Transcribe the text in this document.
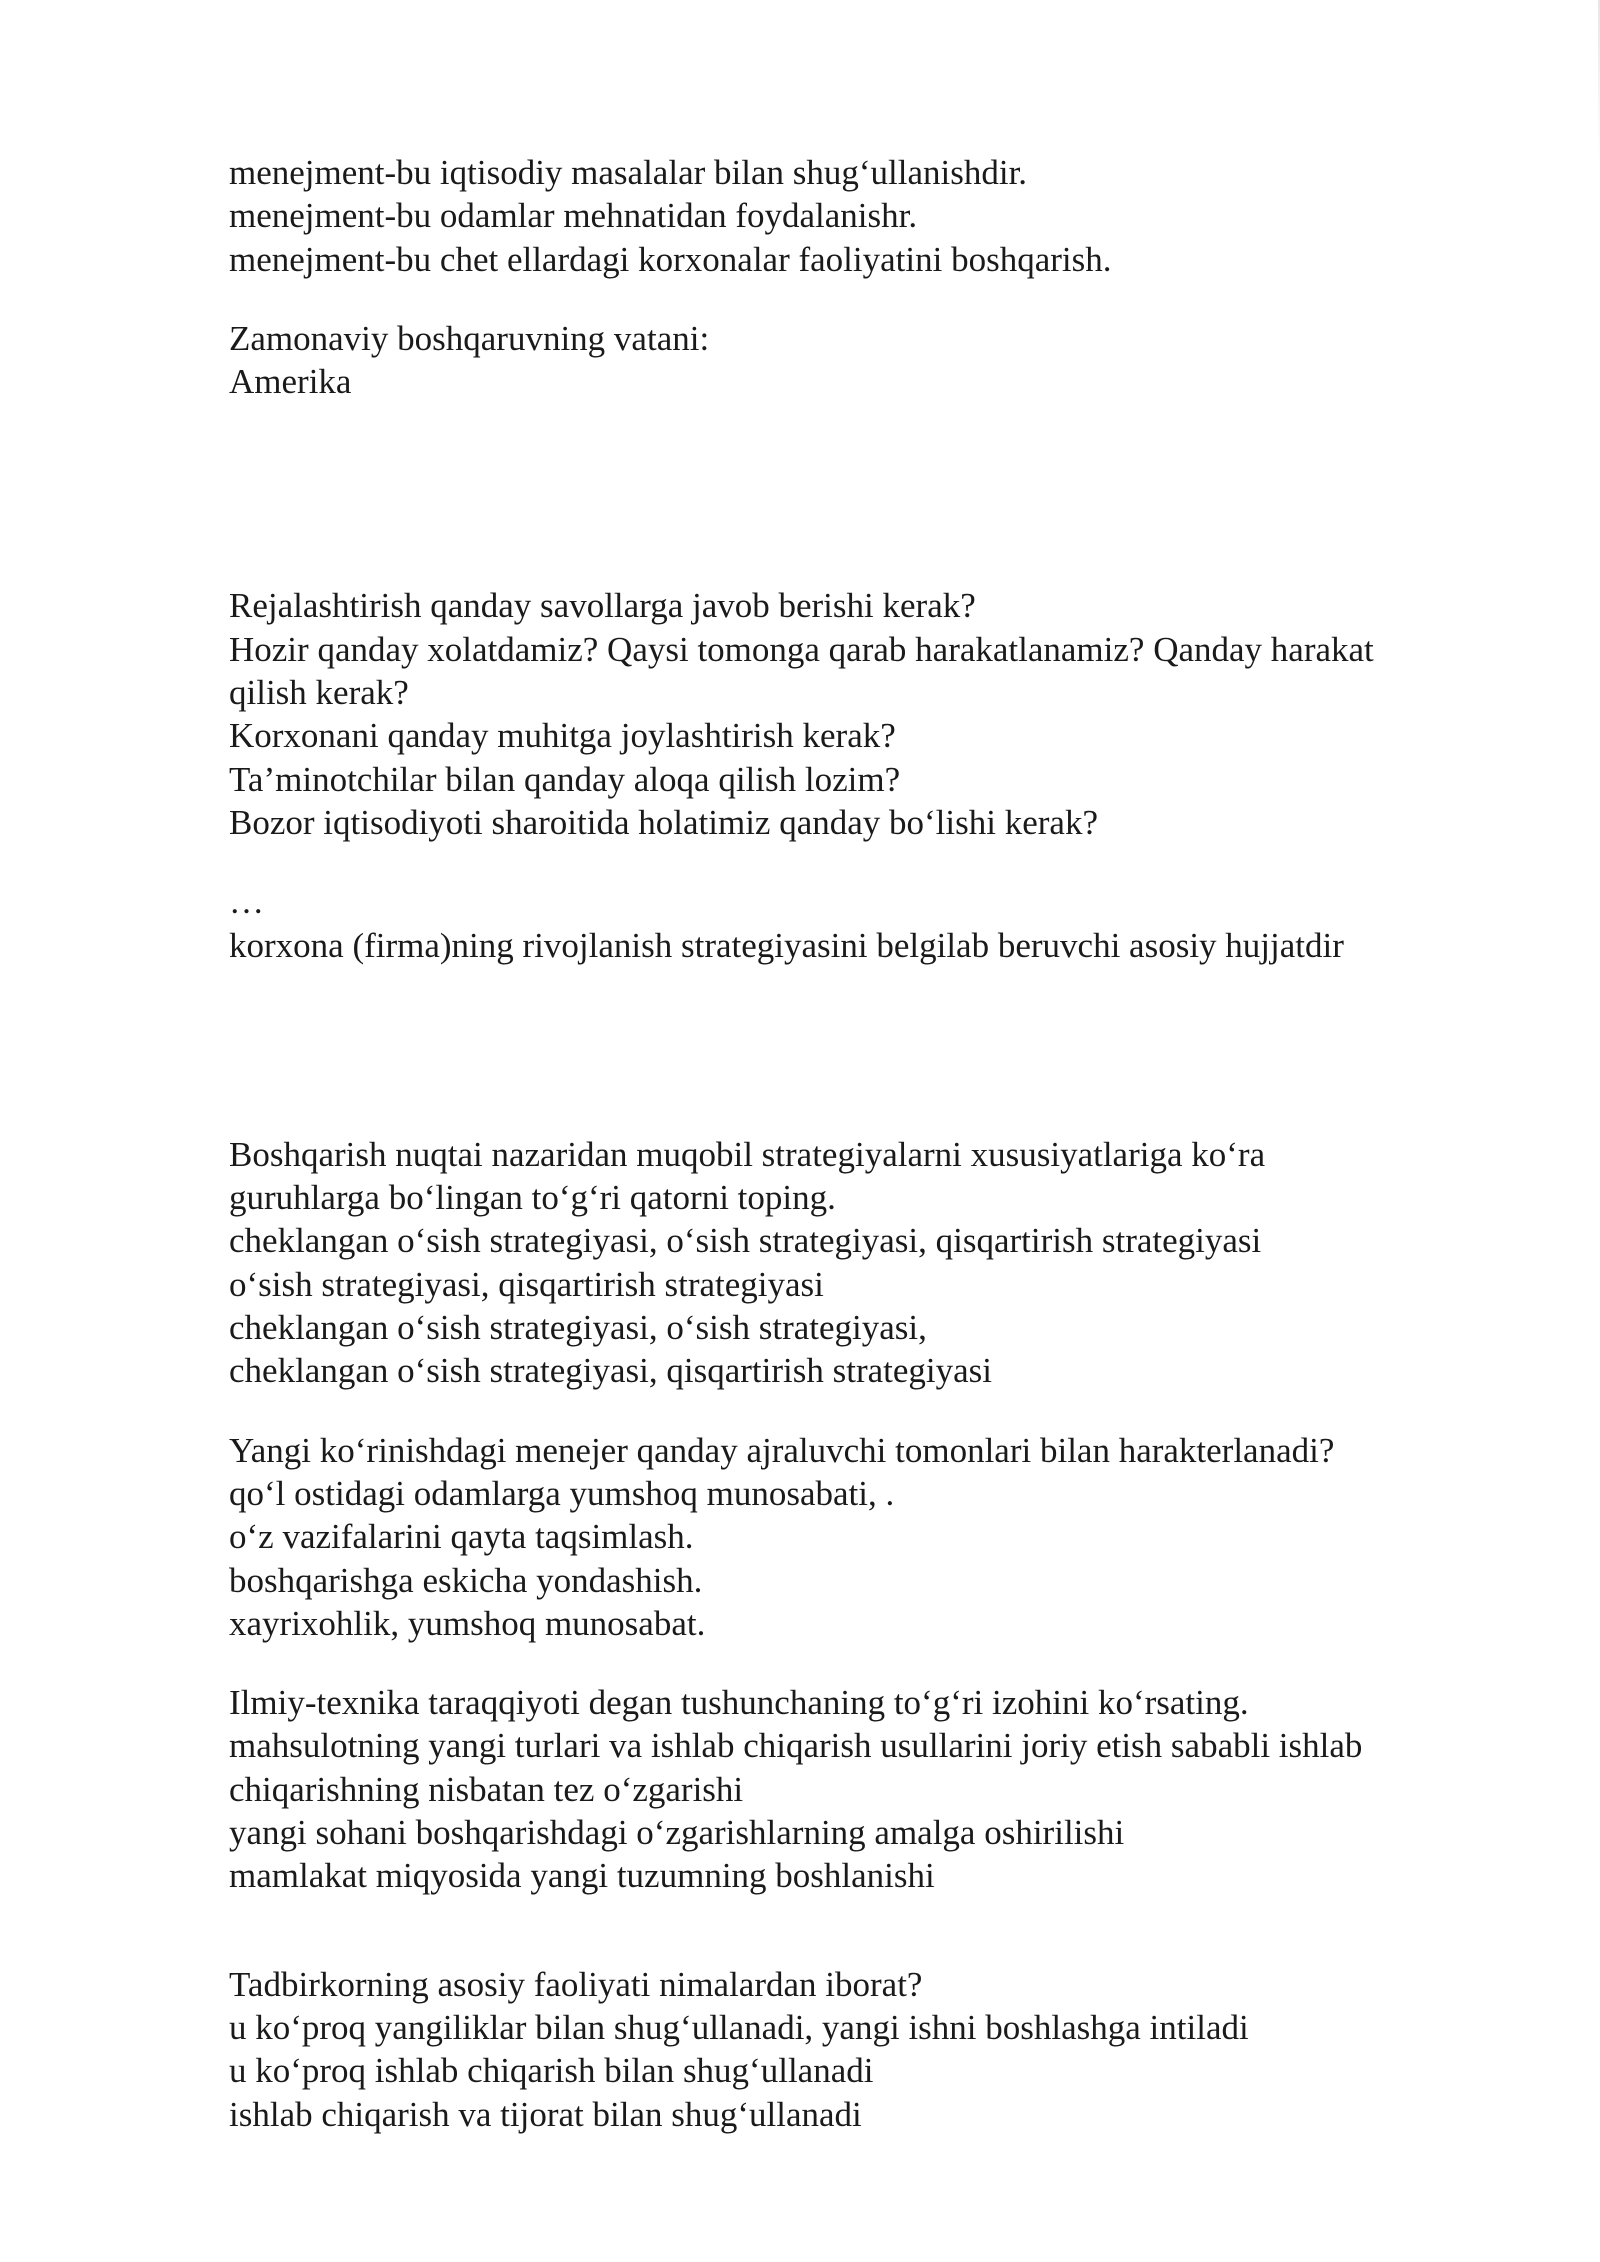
menejment-bu iqtisodiy masalalar bilan shug‘ullanishdir.
menejment-bu odamlar mehnatidan foydalanishr.
menejment-bu chet ellardagi korxonalar faoliyatini boshqarish.
Zamonaviy boshqaruvning vatani:
Amerika
Rejalashtirish qanday savollarga javob berishi kerak?
Hozir qanday xolatdamiz? Qaysi tomonga qarab harakatlanamiz? Qanday harakat
qilish kerak?
Korxonani qanday muhitga joylashtirish kerak?
Ta’minotchilar bilan qanday aloqa qilish lozim?
Bozor iqtisodiyoti sharoitida holatimiz qanday bo‘lishi kerak?
…
korxona (firma)ning rivojlanish strategiyasini belgilab beruvchi asosiy hujjatdir
Boshqarish nuqtai nazaridan muqobil strategiyalarni xususiyatlariga ko‘ra
guruhlarga bo‘lingan to‘g‘ri qatorni toping.
cheklangan o‘sish strategiyasi, o‘sish strategiyasi, qisqartirish strategiyasi
o‘sish strategiyasi, qisqartirish strategiyasi
cheklangan o‘sish strategiyasi, o‘sish strategiyasi,
cheklangan o‘sish strategiyasi, qisqartirish strategiyasi
Yangi ko‘rinishdagi menejer qanday ajraluvchi tomonlari bilan harakterlanadi?
qo‘l ostidagi odamlarga yumshoq munosabati, .
o‘z vazifalarini qayta taqsimlash.
boshqarishga eskicha yondashish.
xayrixohlik, yumshoq munosabat.
Ilmiy-texnika taraqqiyoti degan tushunchaning to‘g‘ri izohini ko‘rsating.
mahsulotning yangi turlari va ishlab chiqarish usullarini joriy etish sababli ishlab
chiqarishning nisbatan tez o‘zgarishi
yangi sohani boshqarishdagi o‘zgarishlarning amalga oshirilishi
mamlakat miqyosida yangi tuzumning boshlanishi
Tadbirkorning asosiy faoliyati nimalardan iborat?
u ko‘proq yangiliklar bilan shug‘ullanadi, yangi ishni boshlashga intiladi
u ko‘proq ishlab chiqarish bilan shug‘ullanadi
ishlab chiqarish va tijorat bilan shug‘ullanadi
